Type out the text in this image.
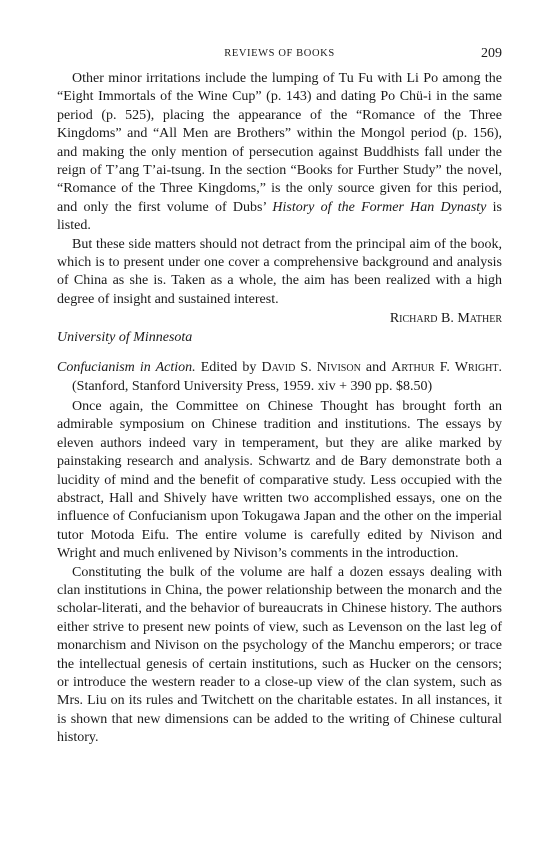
REVIEWS OF BOOKS	209

Other minor irritations include the lumping of Tu Fu with Li Po among the “Eight Immortals of the Wine Cup” (p. 143) and dating Po Chü-i in the same period (p. 525), placing the appearance of the “Romance of the Three Kingdoms” and “All Men are Brothers” within the Mongol period (p. 156), and making the only mention of persecution against Buddhists fall under the reign of T’ang T’ai-tsung. In the section “Books for Further Study” the novel, “Romance of the Three Kingdoms,” is the only source given for this period, and only the first volume of Dubs’ History of the Former Han Dynasty is listed.

But these side matters should not detract from the principal aim of the book, which is to present under one cover a comprehensive background and analysis of China as she is. Taken as a whole, the aim has been realized with a high degree of insight and sustained interest.

Richard B. Mather
University of Minnesota
Confucianism in Action. Edited by David S. Nivison and Arthur F. Wright. (Stanford, Stanford University Press, 1959. xiv + 390 pp. $8.50)

Once again, the Committee on Chinese Thought has brought forth an admirable symposium on Chinese tradition and institutions. The essays by eleven authors indeed vary in temperament, but they are alike marked by painstaking research and analysis. Schwartz and de Bary demonstrate both a lucidity of mind and the benefit of comparative study. Less occupied with the abstract, Hall and Shively have written two accomplished essays, one on the influence of Confucianism upon Tokugawa Japan and the other on the imperial tutor Motoda Eifu. The entire volume is carefully edited by Nivison and Wright and much enlivened by Nivison’s comments in the introduction.

Constituting the bulk of the volume are half a dozen essays dealing with clan institutions in China, the power relationship between the monarch and the scholar-literati, and the behavior of bureaucrats in Chinese history. The authors either strive to present new points of view, such as Levenson on the last leg of monarchism and Nivison on the psychology of the Manchu emperors; or trace the intellectual genesis of certain institutions, such as Hucker on the censors; or introduce the western reader to a close-up view of the clan system, such as Mrs. Liu on its rules and Twitchett on the charitable estates. In all instances, it is shown that new dimensions can be added to the writing of Chinese cultural history.
